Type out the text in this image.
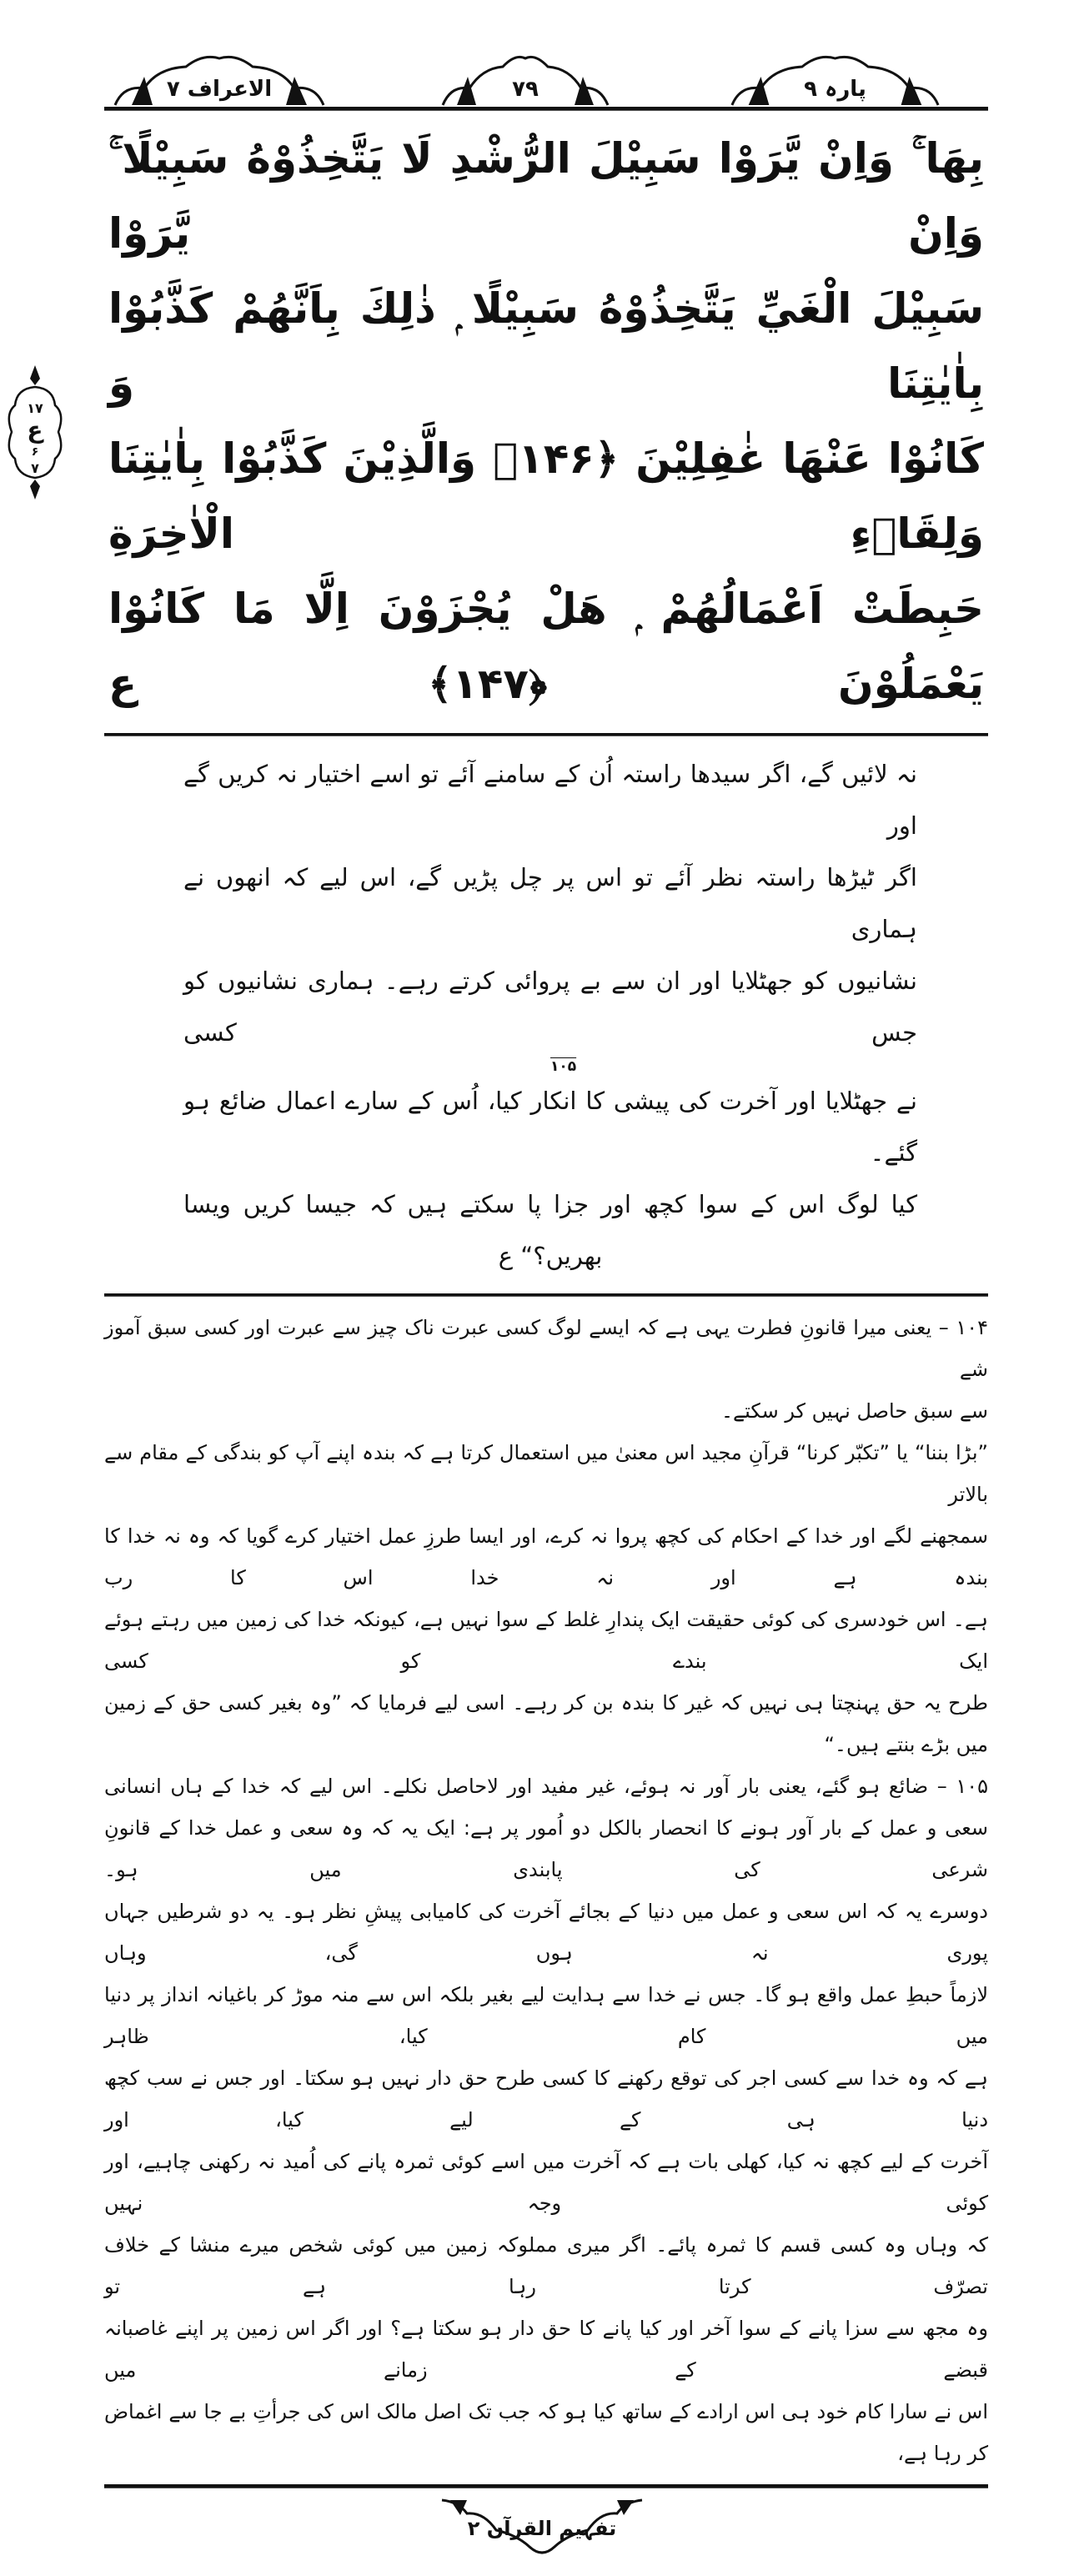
۱۷
ع
۶
۷
الاعراف ۷	۷۹	پارہ ۹
بِهَا ۚ وَاِنْ يَّرَوْا سَبِيْلَ الرُّشْدِ لَا يَتَّخِذُوْهُ سَبِيْلًا ۚ وَاِنْ يَّرَوْا
سَبِيْلَ الْغَيِّ يَتَّخِذُوْهُ سَبِيْلًا ۭ ذٰلِكَ بِاَنَّهُمْ كَذَّبُوْا بِاٰيٰتِنَا وَ
كَانُوْا عَنْهَا غٰفِلِيْنَ ﴿۱۴۶﴾ وَالَّذِيْنَ كَذَّبُوْا بِاٰيٰتِنَا وَلِقَاۗءِ الْاٰخِرَةِ
حَبِطَتْ اَعْمَالُهُمْ ۭ هَلْ يُجْزَوْنَ اِلَّا مَا كَانُوْا يَعْمَلُوْنَ ﴿۱۴۷﴾ ع
نہ لائیں گے، اگر سیدھا راستہ اُن کے سامنے آئے تو اسے اختیار نہ کریں گے اور
اگر ٹیڑھا راستہ نظر آئے تو اس پر چل پڑیں گے، اس لیے کہ انھوں نے ہماری
نشانیوں کو جھٹلایا اور ان سے بے پروائی کرتے رہے۔ ہماری نشانیوں کو جس کسی
۱۰۵
نے جھٹلایا اور آخرت کی پیشی کا انکار کیا، اُس کے سارے اعمال ضائع ہو گئے۔
کیا لوگ اس کے سوا کچھ اور جزا پا سکتے ہیں کہ جیسا کریں ویسا بھریں؟“ ع
۱۰۴ – یعنی میرا قانونِ فطرت یہی ہے کہ ایسے لوگ کسی عبرت ناک چیز سے عبرت اور کسی سبق آموز شے
سے سبق حاصل نہیں کر سکتے۔
”بڑا بننا“ یا ”تکبّر کرنا“ قرآنِ مجید اس معنیٰ میں استعمال کرتا ہے کہ بندہ اپنے آپ کو بندگی کے مقام سے بالاتر
سمجھنے لگے اور خدا کے احکام کی کچھ پروا نہ کرے، اور ایسا طرزِ عمل اختیار کرے گویا کہ وہ نہ خدا کا بندہ ہے اور نہ خدا اس کا رب
ہے۔ اس خودسری کی کوئی حقیقت ایک پندارِ غلط کے سوا نہیں ہے، کیونکہ خدا کی زمین میں رہتے ہوئے ایک بندے کو کسی
طرح یہ حق پہنچتا ہی نہیں کہ غیر کا بندہ بن کر رہے۔ اسی لیے فرمایا کہ ”وہ بغیر کسی حق کے زمین میں بڑے بنتے ہیں۔“
۱۰۵ – ضائع ہو گئے، یعنی بار آور نہ ہوئے، غیر مفید اور لاحاصل نکلے۔ اس لیے کہ خدا کے ہاں انسانی
سعی و عمل کے بار آور ہونے کا انحصار بالکل دو اُمور پر ہے: ایک یہ کہ وہ سعی و عمل خدا کے قانونِ شرعی کی پابندی میں ہو۔
دوسرے یہ کہ اس سعی و عمل میں دنیا کے بجائے آخرت کی کامیابی پیشِ نظر ہو۔ یہ دو شرطیں جہاں پوری نہ ہوں گی، وہاں
لازماً حبطِ عمل واقع ہو گا۔ جس نے خدا سے ہدایت لیے بغیر بلکہ اس سے منہ موڑ کر باغیانہ انداز پر دنیا میں کام کیا، ظاہر
ہے کہ وہ خدا سے کسی اجر کی توقع رکھنے کا کسی طرح حق دار نہیں ہو سکتا۔ اور جس نے سب کچھ دنیا ہی کے لیے کیا، اور
آخرت کے لیے کچھ نہ کیا، کھلی بات ہے کہ آخرت میں اسے کوئی ثمرہ پانے کی اُمید نہ رکھنی چاہیے، اور کوئی وجہ نہیں
کہ وہاں وہ کسی قسم کا ثمرہ پائے۔ اگر میری مملوکہ زمین میں کوئی شخص میرے منشا کے خلاف تصرّف کرتا رہا ہے تو
وہ مجھ سے سزا پانے کے سوا آخر اور کیا پانے کا حق دار ہو سکتا ہے؟ اور اگر اس زمین پر اپنے غاصبانہ قبضے کے زمانے میں
اس نے سارا کام خود ہی اس ارادے کے ساتھ کیا ہو کہ جب تک اصل مالک اس کی جرأتِ بے جا سے اغماض کر رہا ہے،
تفہیم القرآن ۲
